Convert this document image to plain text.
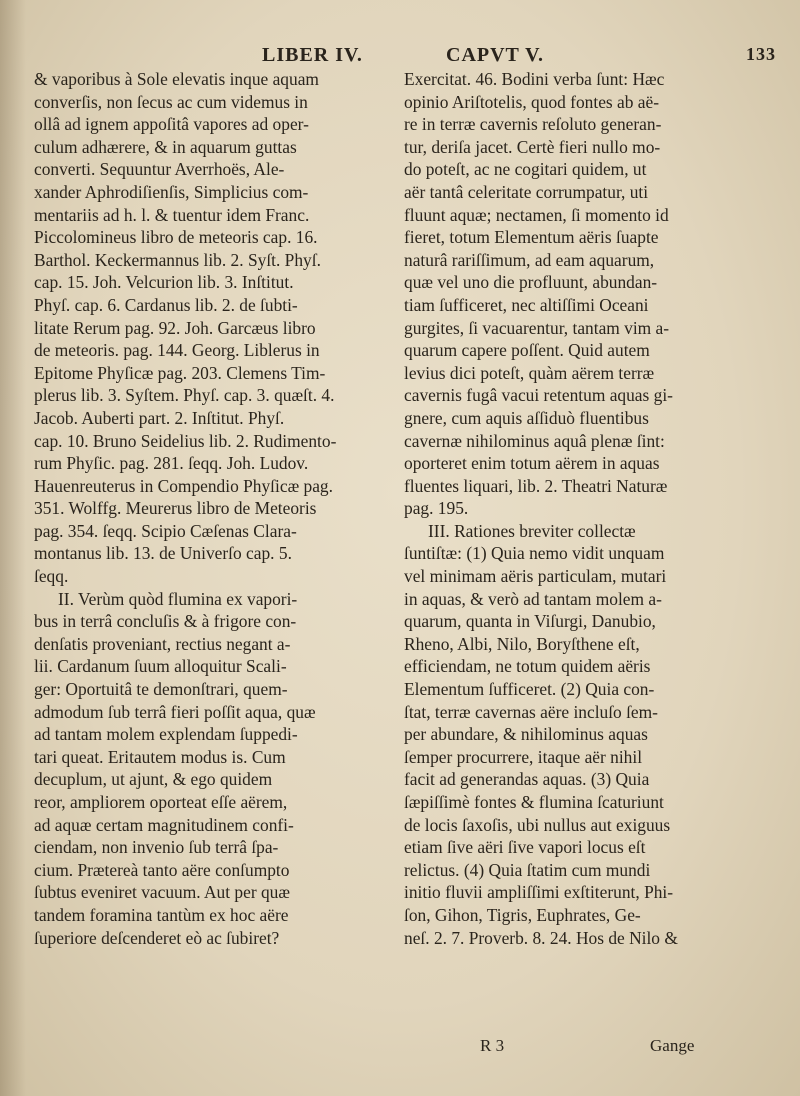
LIBER IV.	CAPVT V.	133

& vaporibus à Sole elevatis inque aquam

converſis, non ſecus ac cum videmus in

ollâ ad ignem appoſitâ vapores ad oper-

culum adhærere, & in aquarum guttas

converti. Sequuntur Averrhoës, Ale-

xander Aphrodiſienſis, Simplicius com-

mentariis ad h. l. & tuentur idem Franc.

Piccolomineus libro de meteoris cap. 16.

Barthol. Keckermannus lib. 2. Syſt. Phyſ.

cap. 15. Joh. Velcurion lib. 3. Inſtitut.

Phyſ. cap. 6. Cardanus lib. 2. de ſubti-

litate Rerum pag. 92. Joh. Garcæus libro

de meteoris. pag. 144. Georg. Liblerus in

Epitome Phyſicæ pag. 203. Clemens Tim-

plerus lib. 3. Syſtem. Phyſ. cap. 3. quæſt. 4.

Jacob. Auberti part. 2. Inſtitut. Phyſ.

cap. 10. Bruno Seidelius lib. 2. Rudimento-

rum Phyſic. pag. 281. ſeqq. Joh. Ludov.

Hauenreuterus in Compendio Phyſicæ pag.

351. Wolffg. Meurerus libro de Meteoris

pag. 354. ſeqq. Scipio Cæſenas Clara-

montanus lib. 13. de Univerſo cap. 5.

ſeqq.

II. Verùm quòd flumina ex vapori-

bus in terrâ concluſis & à frigore con-

denſatis proveniant, rectius negant a-

lii. Cardanum ſuum alloquitur Scali-

ger: Oportuitâ te demonſtrari, quem-

admodum ſub terrâ fieri poſſit aqua, quæ

ad tantam molem explendam ſuppedi-

tari queat. Eritautem modus is. Cum

decuplum, ut ajunt, & ego quidem

reor, ampliorem oporteat eſſe aërem,

ad aquæ certam magnitudinem confi-

ciendam, non invenio ſub terrâ ſpa-

cium. Prætereà tanto aëre conſumpto

ſubtus eveniret vacuum. Aut per quæ

tandem foramina tantùm ex hoc aëre

ſuperiore deſcenderet eò ac ſubiret?

Exercitat. 46. Bodini verba ſunt: Hæc

opinio Ariſtotelis, quod fontes ab aë-

re in terræ cavernis reſoluto generan-

tur, deriſa jacet. Certè fieri nullo mo-

do poteſt, ac ne cogitari quidem, ut

aër tantâ celeritate corrumpatur, uti

fluunt aquæ; nectamen, ſi momento id

fieret, totum Elementum aëris ſuapte

naturâ rariſſimum, ad eam aquarum,

quæ vel uno die profluunt, abundan-

tiam ſufficeret, nec altiſſimi Oceani

gurgites, ſi vacuarentur, tantam vim a-

quarum capere poſſent. Quid autem

levius dici poteſt, quàm aërem terræ

cavernis fugâ vacui retentum aquas gi-

gnere, cum aquis aſſiduò fluentibus

cavernæ nihilominus aquâ plenæ ſint:

oporteret enim totum aërem in aquas

fluentes liquari, lib. 2. Theatri Naturæ

pag. 195.

III. Rationes breviter collectæ

ſuntiſtæ: (1) Quia nemo vidit unquam

vel minimam aëris particulam, mutari

in aquas, & verò ad tantam molem a-

quarum, quanta in Viſurgi, Danubio,

Rheno, Albi, Nilo, Boryſthene eſt,

efficiendam, ne totum quidem aëris

Elementum ſufficeret. (2) Quia con-

ſtat, terræ cavernas aëre incluſo ſem-

per abundare, & nihilominus aquas

ſemper procurrere, itaque aër nihil

facit ad generandas aquas. (3) Quia

ſæpiſſimè fontes & flumina ſcaturiunt

de locis ſaxoſis, ubi nullus aut exiguus

etiam ſive aëri ſive vapori locus eſt

relictus. (4) Quia ſtatim cum mundi

initio fluvii ampliſſimi exſtiterunt, Phi-

ſon, Gihon, Tigris, Euphrates, Ge-

neſ. 2. 7. Proverb. 8. 24. Hos de Nilo &

R 3	Gange
